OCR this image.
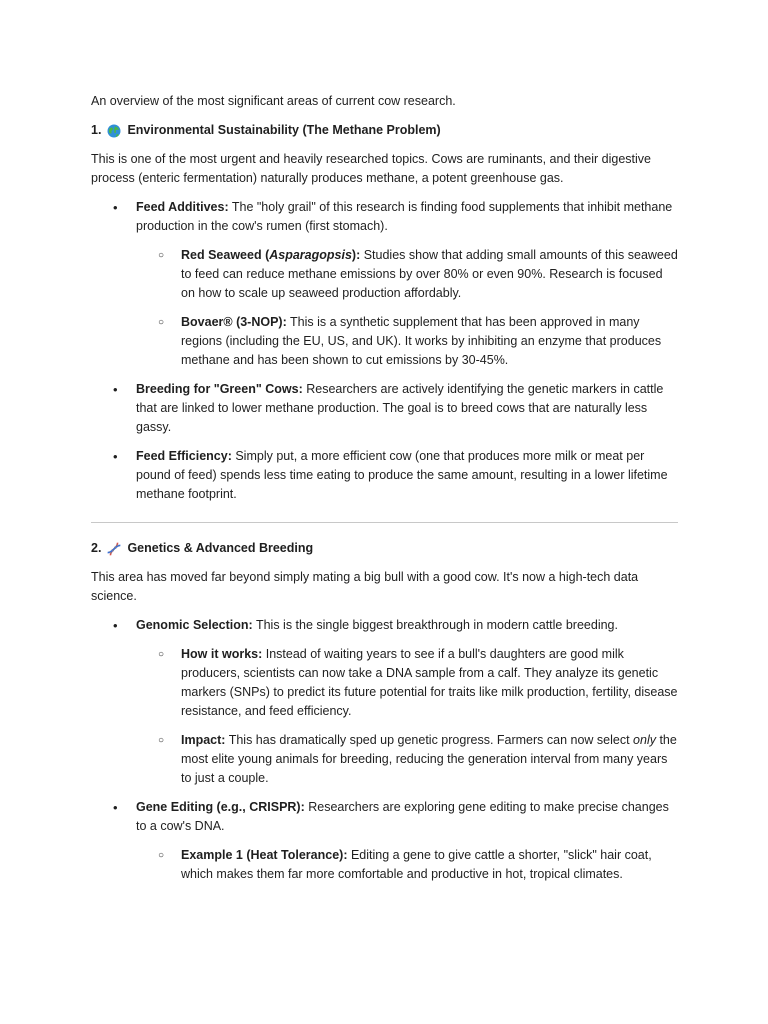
An overview of the most significant areas of current cow research.

1. Environmental Sustainability (The Methane Problem)

This is one of the most urgent and heavily researched topics. Cows are ruminants, and their digestive process (enteric fermentation) naturally produces methane, a potent greenhouse gas.

• Feed Additives: The "holy grail" of this research is finding food supplements that inhibit methane production in the cow's rumen (first stomach).
○ Red Seaweed (Asparagopsis): Studies show that adding small amounts of this seaweed to feed can reduce methane emissions by over 80% or even 90%. Research is focused on how to scale up seaweed production affordably.
○ Bovaer® (3-NOP): This is a synthetic supplement that has been approved in many regions (including the EU, US, and UK). It works by inhibiting an enzyme that produces methane and has been shown to cut emissions by 30-45%.
• Breeding for "Green" Cows: Researchers are actively identifying the genetic markers in cattle that are linked to lower methane production. The goal is to breed cows that are naturally less gassy.
• Feed Efficiency: Simply put, a more efficient cow (one that produces more milk or meat per pound of feed) spends less time eating to produce the same amount, resulting in a lower lifetime methane footprint.
2. Genetics & Advanced Breeding

This area has moved far beyond simply mating a big bull with a good cow. It's now a high-tech data science.

• Genomic Selection: This is the single biggest breakthrough in modern cattle breeding.
○ How it works: Instead of waiting years to see if a bull's daughters are good milk producers, scientists can now take a DNA sample from a calf. They analyze its genetic markers (SNPs) to predict its future potential for traits like milk production, fertility, disease resistance, and feed efficiency.
○ Impact: This has dramatically sped up genetic progress. Farmers can now select only the most elite young animals for breeding, reducing the generation interval from many years to just a couple.
• Gene Editing (e.g., CRISPR): Researchers are exploring gene editing to make precise changes to a cow's DNA.
○ Example 1 (Heat Tolerance): Editing a gene to give cattle a shorter, "slick" hair coat, which makes them far more comfortable and productive in hot, tropical climates.
